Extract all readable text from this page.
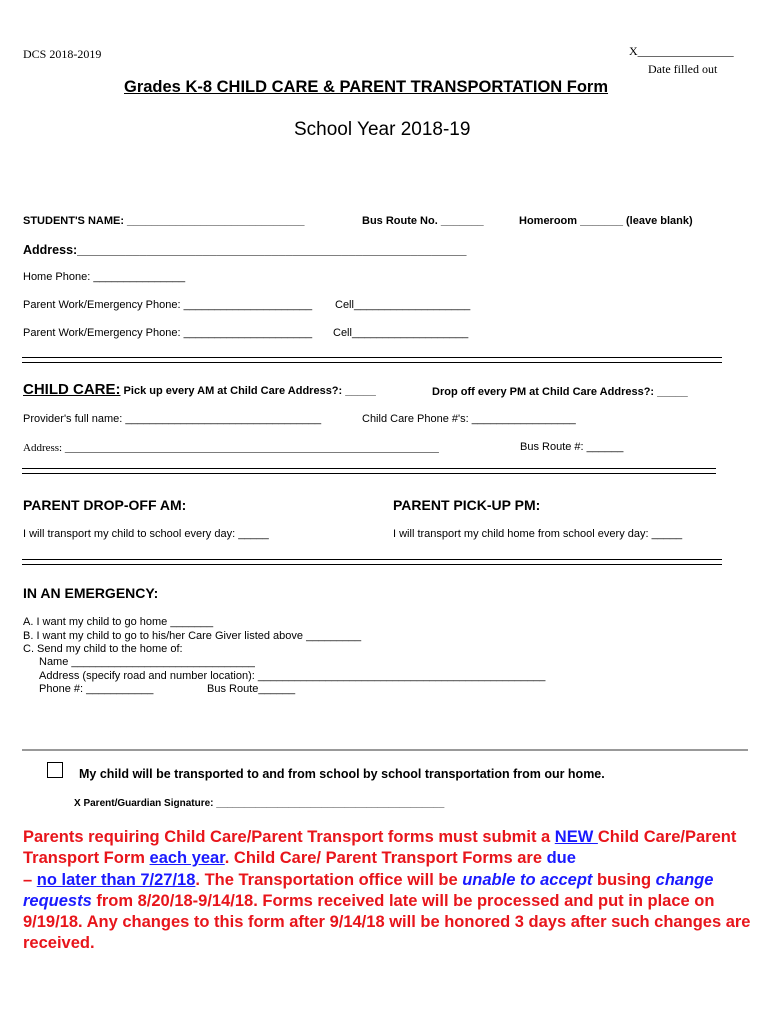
DCS 2018-2019	X________________
Date filled out
Grades K-8 CHILD CARE & PARENT TRANSPORTATION Form
School Year 2018-19
STUDENT'S NAME: _____________________________	Bus Route No. _______	Homeroom _______ (leave blank)
Address:________________________________________________________
Home Phone: _______________
Parent Work/Emergency Phone: _____________________ Cell___________________
Parent Work/Emergency Phone: _____________________ Cell___________________
CHILD CARE: Pick up every AM at Child Care Address?: _____	Drop off every PM at Child Care Address?: _____
Provider's full name: ________________________________	Child Care Phone #'s: _________________
Address: ____________________________________________________________________	Bus Route #: ______
PARENT DROP-OFF AM:
I will transport my child to school every day: _____
PARENT PICK-UP PM:
I will transport my child home from school every day: _____
IN AN EMERGENCY:
A. I want my child to go home _______
B. I want my child to go to his/her Care Giver listed above _________
C. Send my child to the home of:
Name ______________________________
Address (specify road and number location): _______________________________________________
Phone #: ___________	Bus Route______
My child will be transported to and from school by school transportation from our home.
X Parent/Guardian Signature: _________________________________________
Parents requiring Child Care/Parent Transport forms must submit a NEW Child Care/Parent Transport Form each year. Child Care/ Parent Transport Forms are due
– no later than 7/27/18. The Transportation office will be unable to accept busing change requests from 8/20/18-9/14/18. Forms received late will be processed and put in place on 9/19/18. Any changes to this form after 9/14/18 will be honored 3 days after such changes are received.
